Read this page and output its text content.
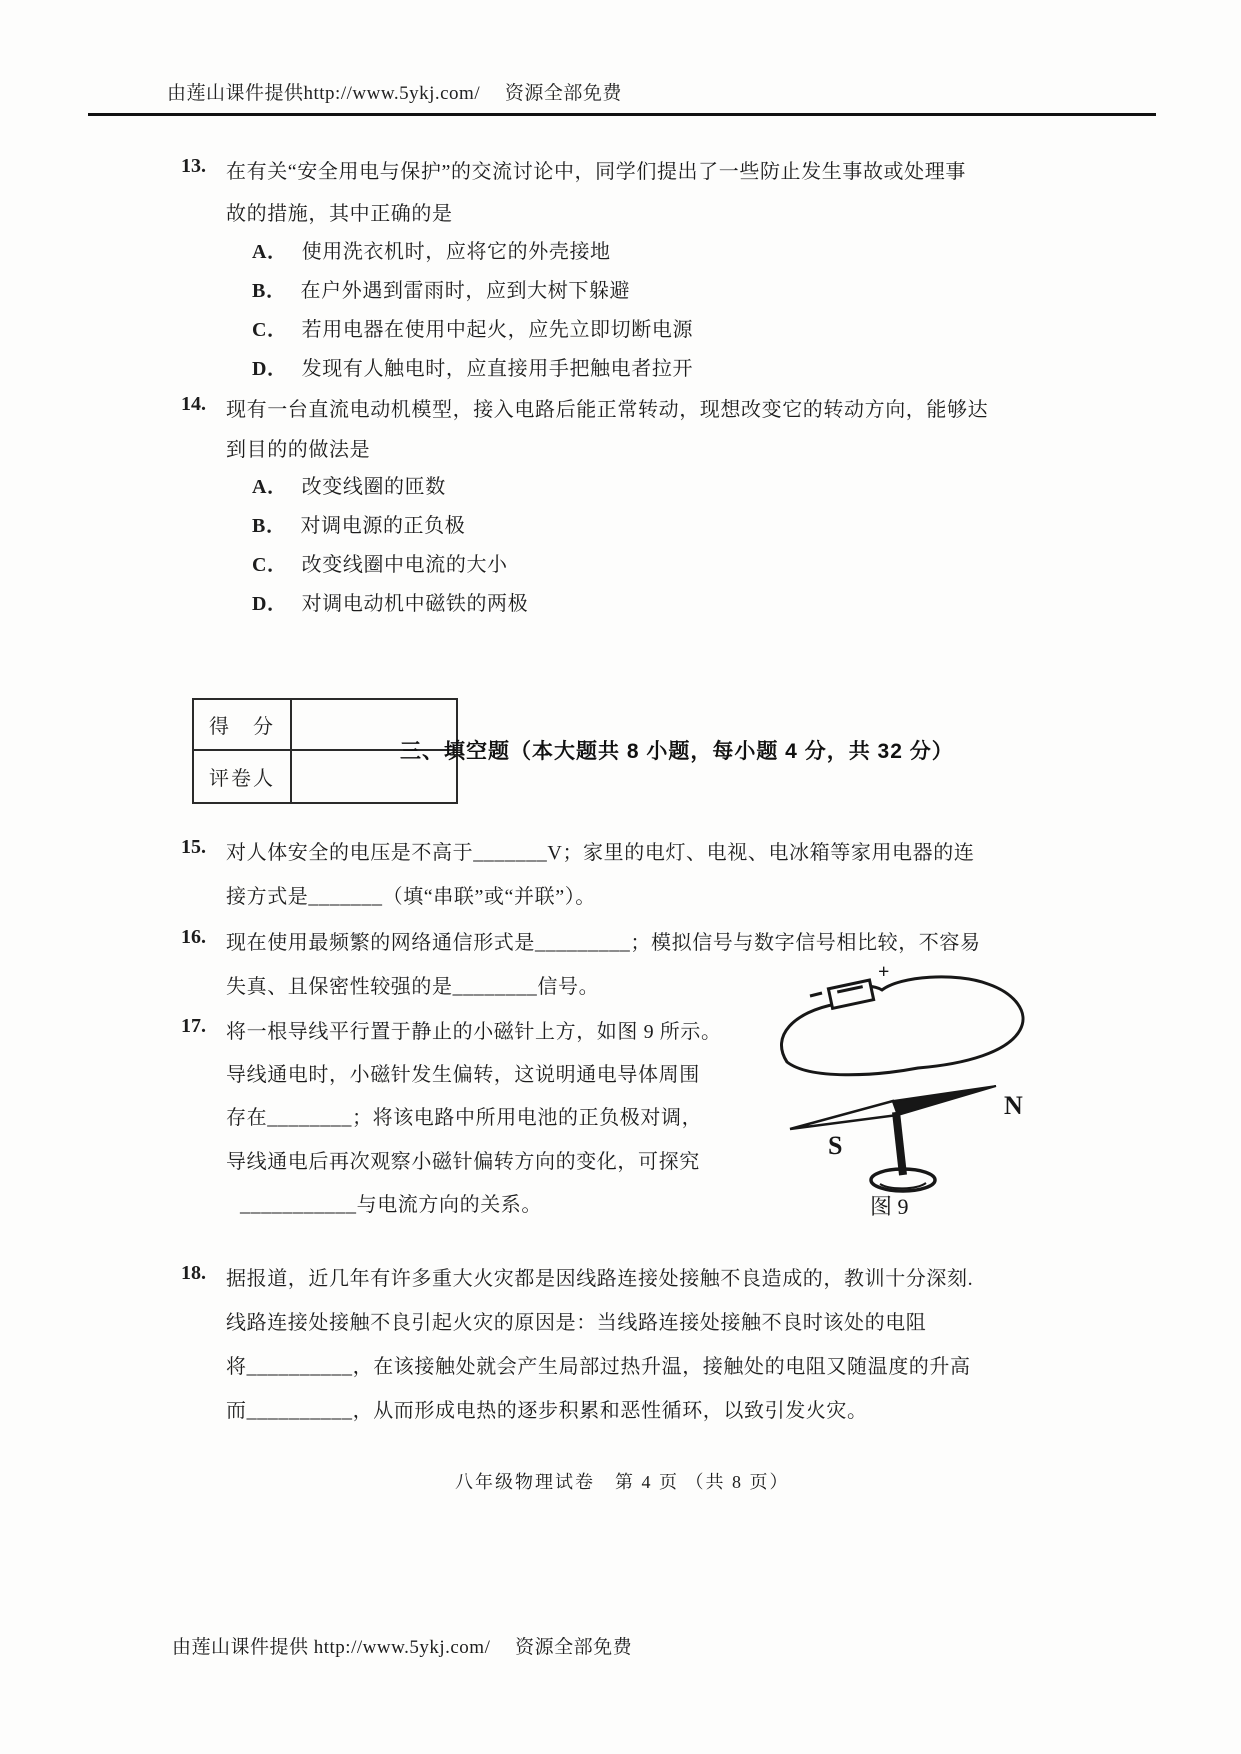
由莲山课件提供http://www.5ykj.com/　 资源全部免费
13. 在有关“安全用电与保护”的交流讨论中，同学们提出了一些防止发生事故或处理事
故的措施，其中正确的是
A． 使用洗衣机时，应将它的外壳接地
B． 在户外遇到雷雨时，应到大树下躲避
C． 若用电器在使用中起火，应先立即切断电源
D． 发现有人触电时，应直接用手把触电者拉开
14. 现有一台直流电动机模型，接入电路后能正常转动，现想改变它的转动方向，能够达
到目的的做法是
A． 改变线圈的匝数
B． 对调电源的正负极
C． 改变线圈中电流的大小
D． 对调电动机中磁铁的两极
得　分
评卷人
三、填空题（本大题共 8 小题，每小题 4 分，共 32 分）
15. 对人体安全的电压是不高于_______V；家里的电灯、电视、电冰箱等家用电器的连
接方式是_______（填“串联”或“并联”）。
16. 现在使用最频繁的网络通信形式是_________；模拟信号与数字信号相比较，不容易
失真、且保密性较强的是________信号。
17. 将一根导线平行置于静止的小磁针上方，如图 9 所示。
导线通电时，小磁针发生偏转，这说明通电导体周围
存在________；将该电路中所用电池的正负极对调，
导线通电后再次观察小磁针偏转方向的变化，可探究
___________与电流方向的关系。
+
S
N
图 9
18. 据报道，近几年有许多重大火灾都是因线路连接处接触不良造成的，教训十分深刻.
线路连接处接触不良引起火灾的原因是：当线路连接处接触不良时该处的电阻
将__________，在该接触处就会产生局部过热升温，接触处的电阻又随温度的升高
而__________，从而形成电热的逐步积累和恶性循环，以致引发火灾。
八年级物理试卷　第 4 页 （共 8 页）
由莲山课件提供 http://www.5ykj.com/　 资源全部免费
